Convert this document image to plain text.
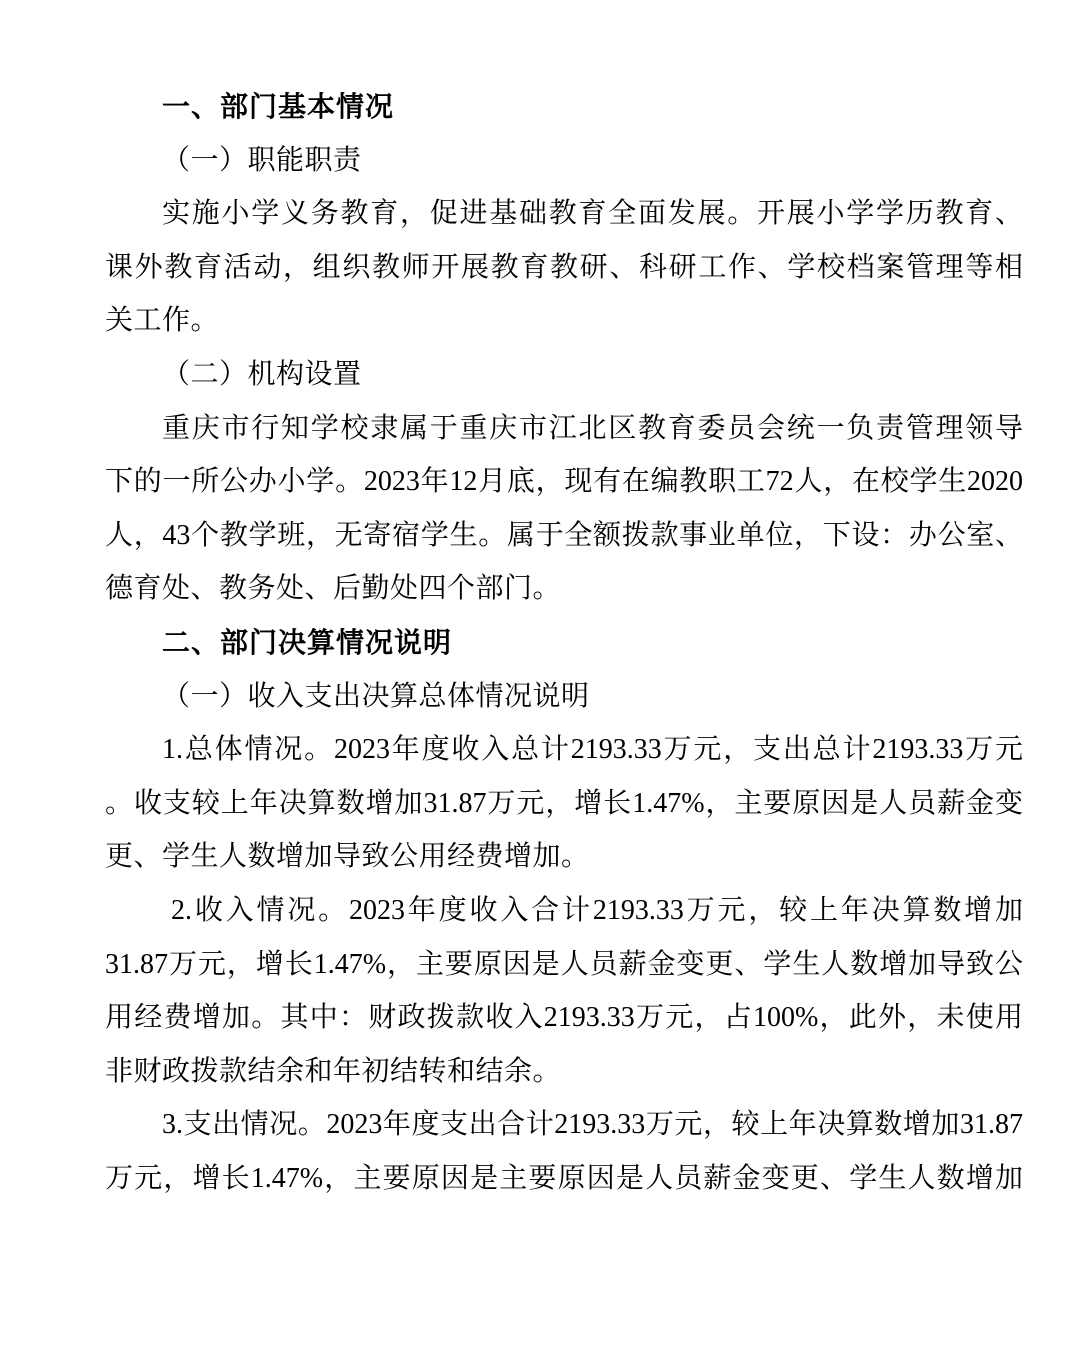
一、部门基本情况
（一）职能职责
实施小学义务教育，促进基础教育全面发展。开展小学学历教育、
课外教育活动，组织教师开展教育教研、科研工作、学校档案管理等相
关工作。
（二）机构设置
重庆市行知学校隶属于重庆市江北区教育委员会统一负责管理领导
下的一所公办小学。2023年12月底，现有在编教职工72人，在校学生2020
人，43个教学班，无寄宿学生。属于全额拨款事业单位，下设：办公室、
德育处、教务处、后勤处四个部门。
二、部门决算情况说明
（一）收入支出决算总体情况说明
1.总体情况。2023年度收入总计2193.33万元，支出总计2193.33万元
。收支较上年决算数增加31.87万元，增长1.47%，主要原因是人员薪金变
更、学生人数增加导致公用经费增加。
2.收入情况。2023年度收入合计2193.33万元，较上年决算数增加
31.87万元，增长1.47%，主要原因是人员薪金变更、学生人数增加导致公
用经费增加。其中：财政拨款收入2193.33万元，占100%，此外，未使用
非财政拨款结余和年初结转和结余。
3.支出情况。2023年度支出合计2193.33万元，较上年决算数增加31.87
万元，增长1.47%，主要原因是主要原因是人员薪金变更、学生人数增加
